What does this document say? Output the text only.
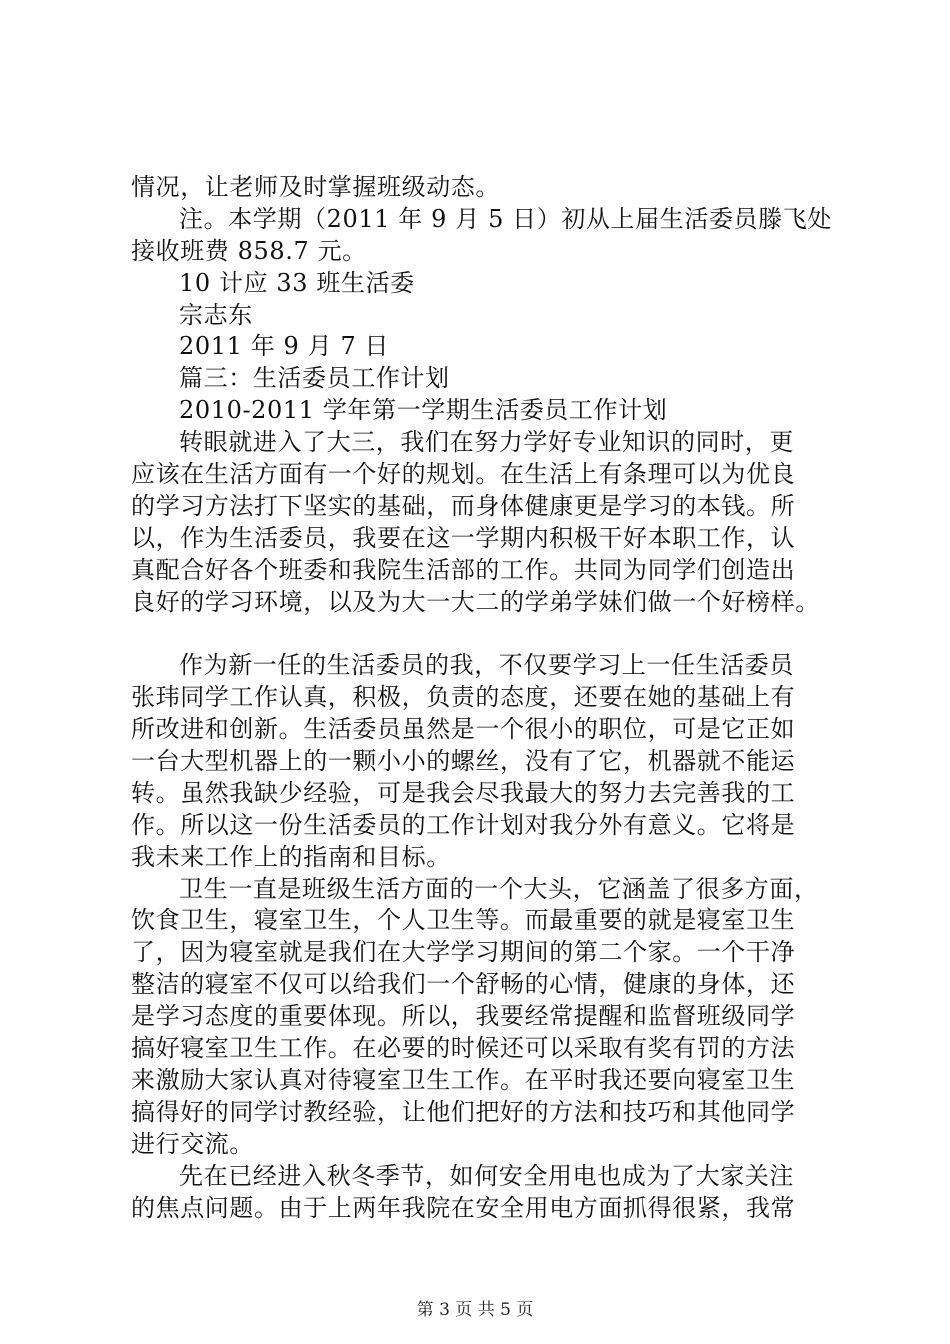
情况，让老师及时掌握班级动态。
注。本学期（2011 年 9 月 5 日）初从上届生活委员滕飞处
接收班费 858.7 元。
10 计应 33 班生活委
宗志东
2011 年 9 月 7 日
篇三：生活委员工作计划
2010-2011 学年第一学期生活委员工作计划
转眼就进入了大三，我们在努力学好专业知识的同时，更
应该在生活方面有一个好的规划。在生活上有条理可以为优良
的学习方法打下坚实的基础，而身体健康更是学习的本钱。所
以，作为生活委员，我要在这一学期内积极干好本职工作，认
真配合好各个班委和我院生活部的工作。共同为同学们创造出
良好的学习环境，以及为大一大二的学弟学妹们做一个好榜样。
作为新一任的生活委员的我，不仅要学习上一任生活委员
张玮同学工作认真，积极，负责的态度，还要在她的基础上有
所改进和创新。生活委员虽然是一个很小的职位，可是它正如
一台大型机器上的一颗小小的螺丝，没有了它，机器就不能运
转。虽然我缺少经验，可是我会尽我最大的努力去完善我的工
作。所以这一份生活委员的工作计划对我分外有意义。它将是
我未来工作上的指南和目标。
卫生一直是班级生活方面的一个大头，它涵盖了很多方面，
饮食卫生，寝室卫生，个人卫生等。而最重要的就是寝室卫生
了，因为寝室就是我们在大学学习期间的第二个家。一个干净
整洁的寝室不仅可以给我们一个舒畅的心情，健康的身体，还
是学习态度的重要体现。所以，我要经常提醒和监督班级同学
搞好寝室卫生工作。在必要的时候还可以采取有奖有罚的方法
来激励大家认真对待寝室卫生工作。在平时我还要向寝室卫生
搞得好的同学讨教经验，让他们把好的方法和技巧和其他同学
进行交流。
先在已经进入秋冬季节，如何安全用电也成为了大家关注
的焦点问题。由于上两年我院在安全用电方面抓得很紧，我常
第 3 页 共 5 页
